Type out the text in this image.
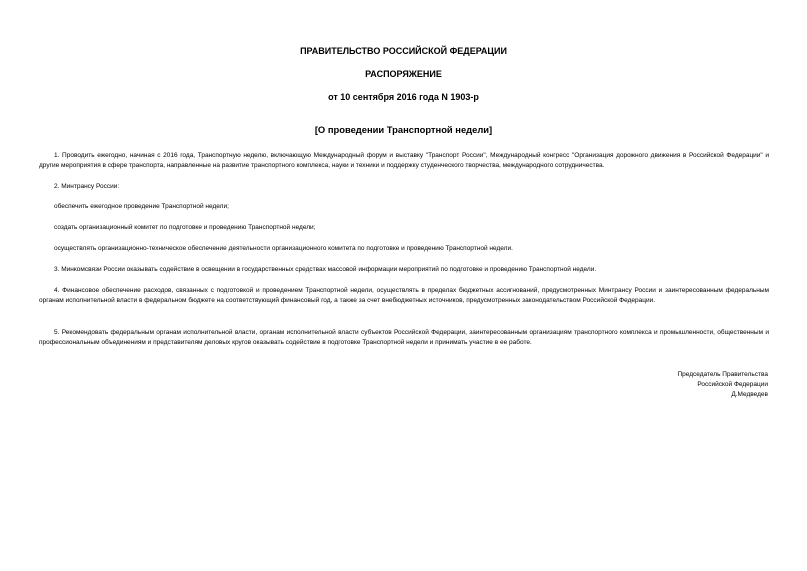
ПРАВИТЕЛЬСТВО РОССИЙСКОЙ ФЕДЕРАЦИИ
РАСПОРЯЖЕНИЕ
от 10 сентября 2016 года N 1903-р
[О проведении Транспортной недели]

1. Проводить ежегодно, начиная с 2016 года, Транспортную неделю, включающую Международный форум и выставку "Транспорт России", Международный конгресс "Организация дорожного движения в Российской Федерации" и другие мероприятия в сфере транспорта, направленные на развитие транспортного комплекса, науки и техники и поддержку студенческого творчества, международного сотрудничества.

2. Минтрансу России:

обеспечить ежегодное проведение Транспортной недели;

создать организационный комитет по подготовке и проведению Транспортной недели;

осуществлять организационно-техническое обеспечение деятельности организационного комитета по подготовке и проведению Транспортной недели.

3. Минкомсвязи России оказывать содействие в освещении в государственных средствах массовой информации мероприятий по подготовке и проведению Транспортной недели.

4. Финансовое обеспечение расходов, связанных с подготовкой и проведением Транспортной недели, осуществлять в пределах бюджетных ассигнований, предусмотренных Минтрансу России и заинтересованным федеральным органам исполнительной власти в федеральном бюджете на соответствующий финансовый год, а также за счет внебюджетных источников, предусмотренных законодательством Российской Федерации.

5. Рекомендовать федеральным органам исполнительной власти, органам исполнительной власти субъектов Российской Федерации, заинтересованным организациям транспортного комплекса и промышленности, общественным и профессиональным объединениям и представителям деловых кругов оказывать содействие в подготовке Транспортной недели и принимать участие в ее работе.

Председатель Правительства
Российской Федерации
Д.Медведев
